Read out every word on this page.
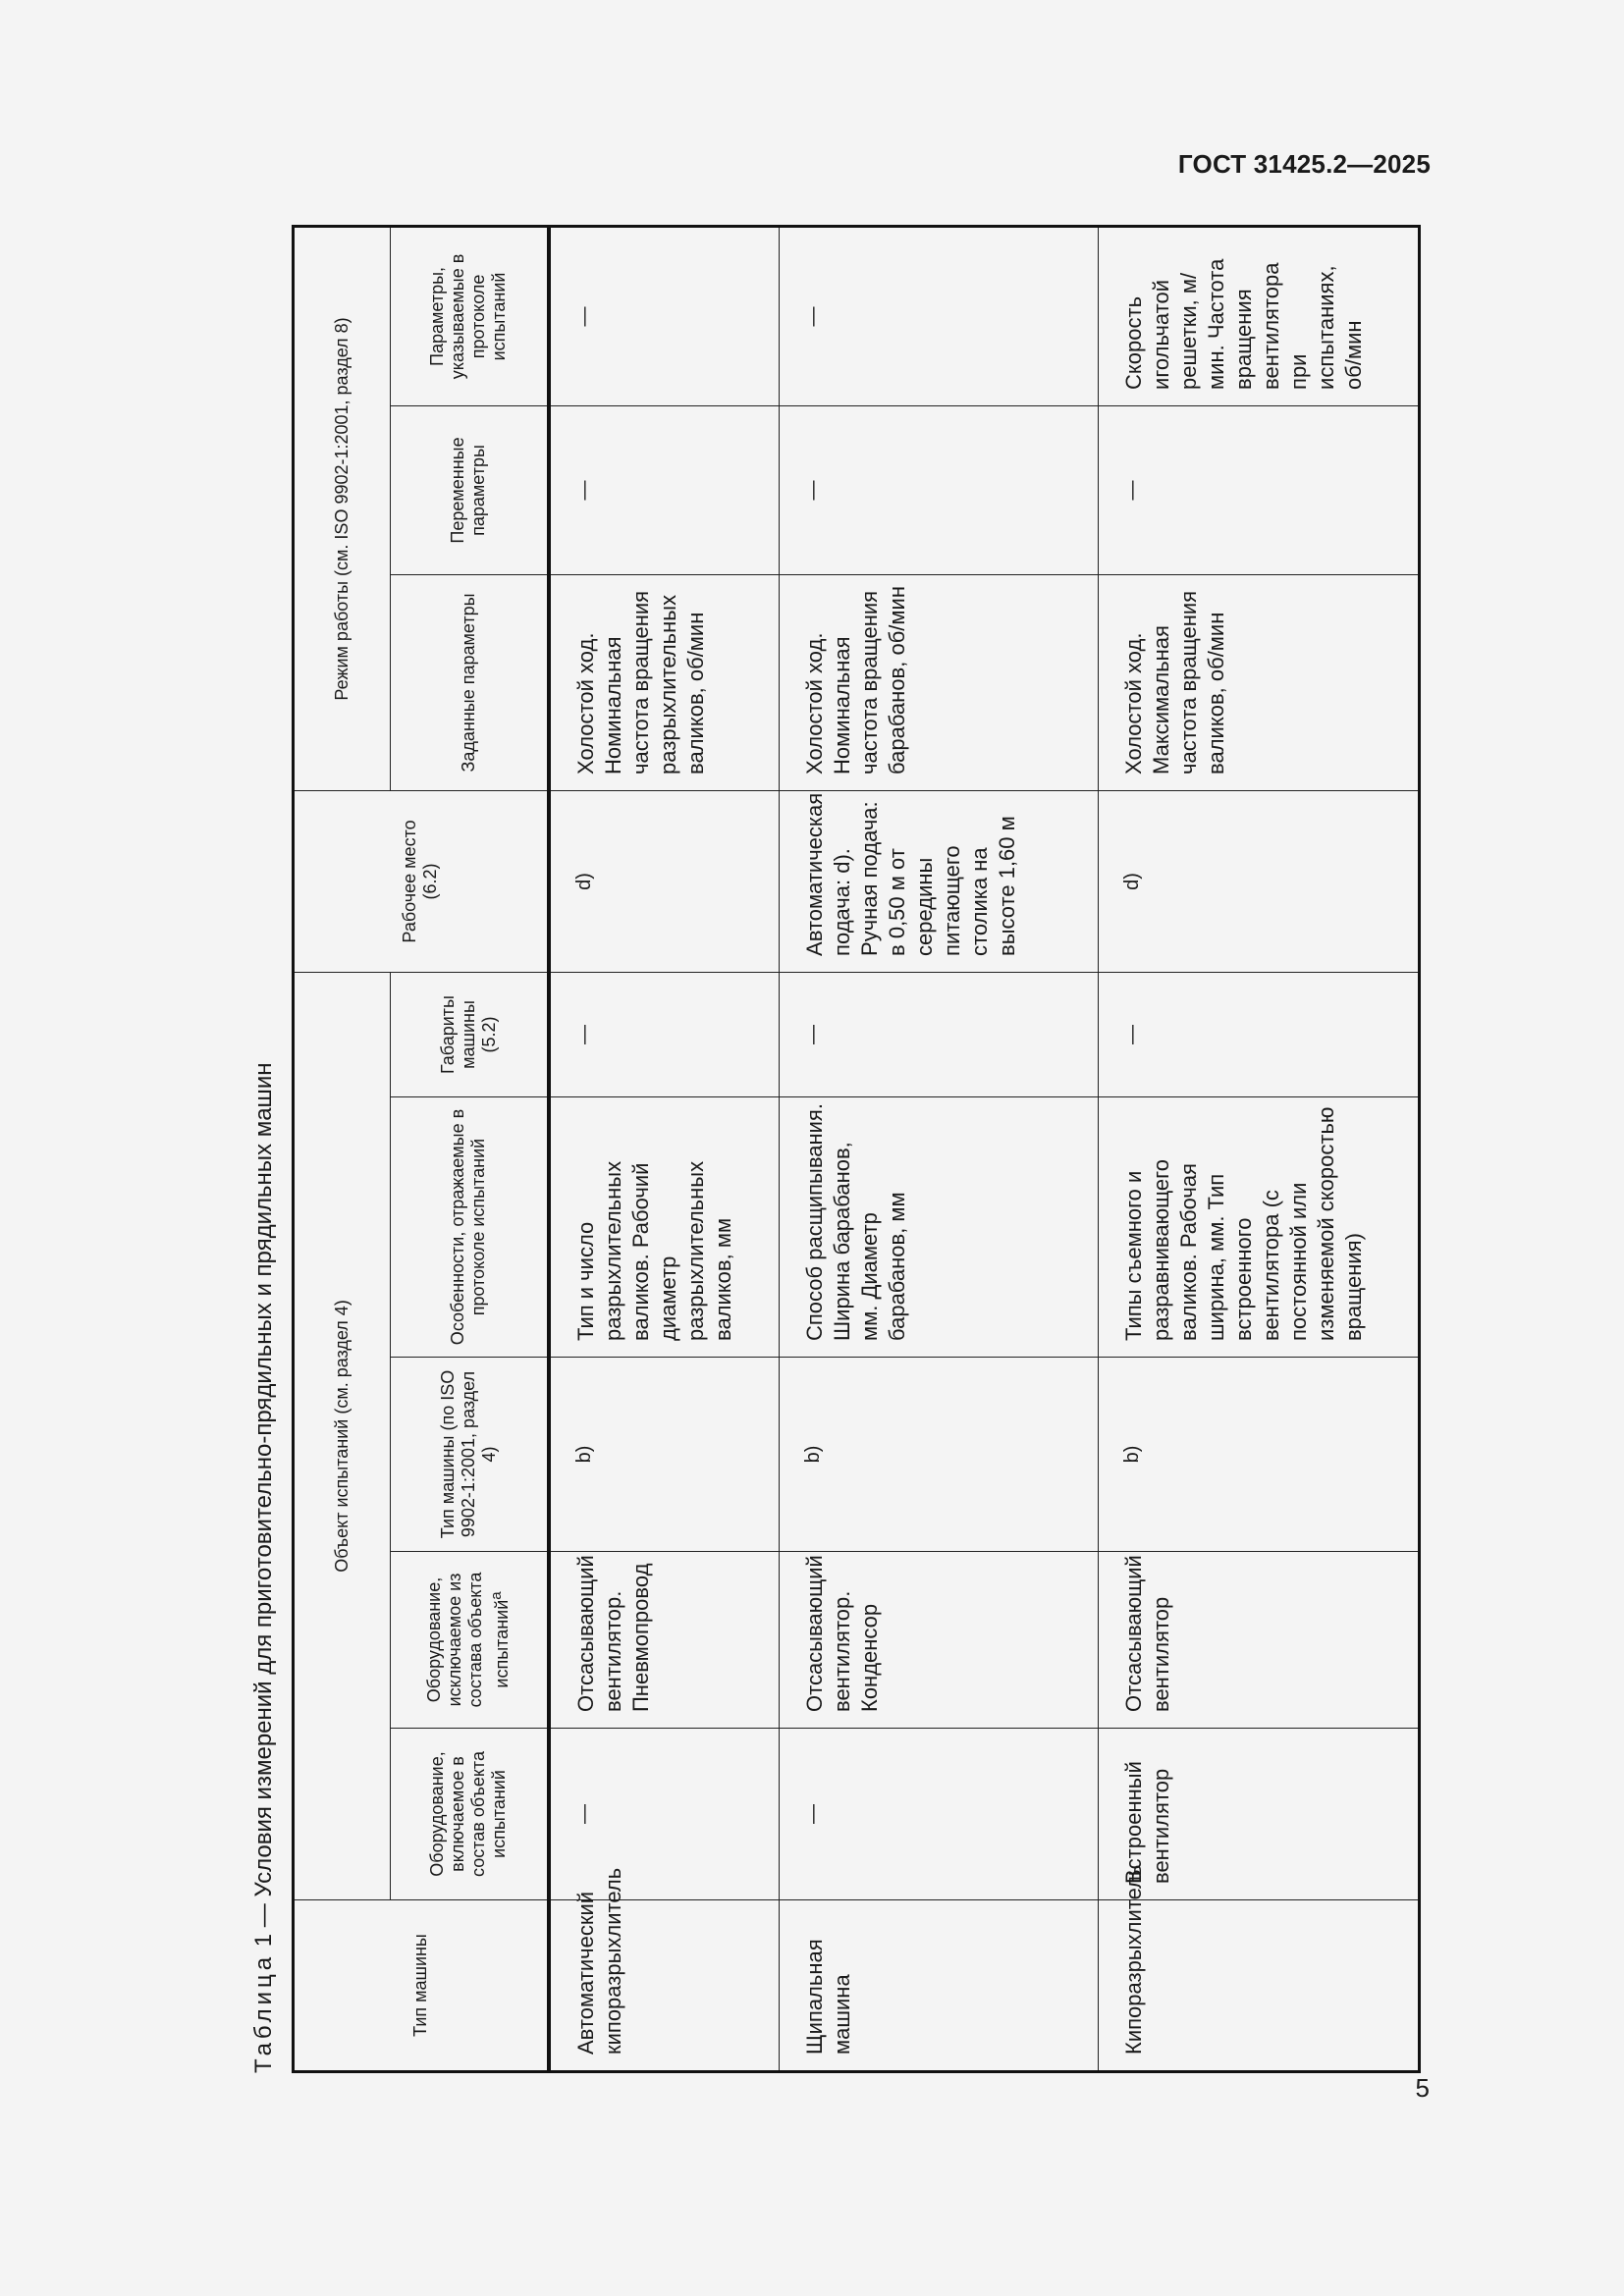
ГОСТ 31425.2—2025
Таблица 1 — Условия измерений для приготовительно-прядильных и прядильных машин
Тип машины	Объект испытаний (см. раздел 4)					Рабочее место (6.2)	Режим работы (см. ISO 9902-1:2001, раздел 8)		
	Оборудование, включаемое в состав объекта испытаний	Оборудование, исключаемое из состава объекта испытаний$^a$	Тип машины (по ISO 9902-1:2001, раздел 4)	Особенности, отражаемые в протоколе испытаний	Габариты машины (5.2)		Заданные параметры	Переменные параметры	Параметры, указываемые в протоколе испытаний

Автоматический кипоразрыхлитель	—	Отсасывающий вентилятор. Пневмопровод	b)	Тип и число разрыхлительных валиков. Рабочий диаметр разрыхлительных валиков, мм	—	d)	Холостой ход. Номинальная частота вращения разрыхлительных валиков, об/мин	—	—
Щипальная машина	—	Отсасывающий вентилятор. Конденсор	b)	Способ расщипывания. Ширина барабанов, мм. Диаметр барабанов, мм	—	Автоматическая подача: d). Ручная подача: в 0,50 м от середины питающего столика на высоте 1,60 м	Холостой ход. Номинальная частота вращения барабанов, об/мин	—	—
Кипоразрыхлитель	Встроенный вентилятор	Отсасывающий вентилятор	b)	Типы съемного и разравнивающего валиков. Рабочая ширина, мм. Тип встроенного вентилятора (с постоянной или изменяемой скоростью вращения)	—	d)	Холостой ход. Максимальная частота вращения валиков, об/мин	—	Скорость игольчатой решетки, м/мин. Частота вращения вентилятора при испытаниях, об/мин
5
